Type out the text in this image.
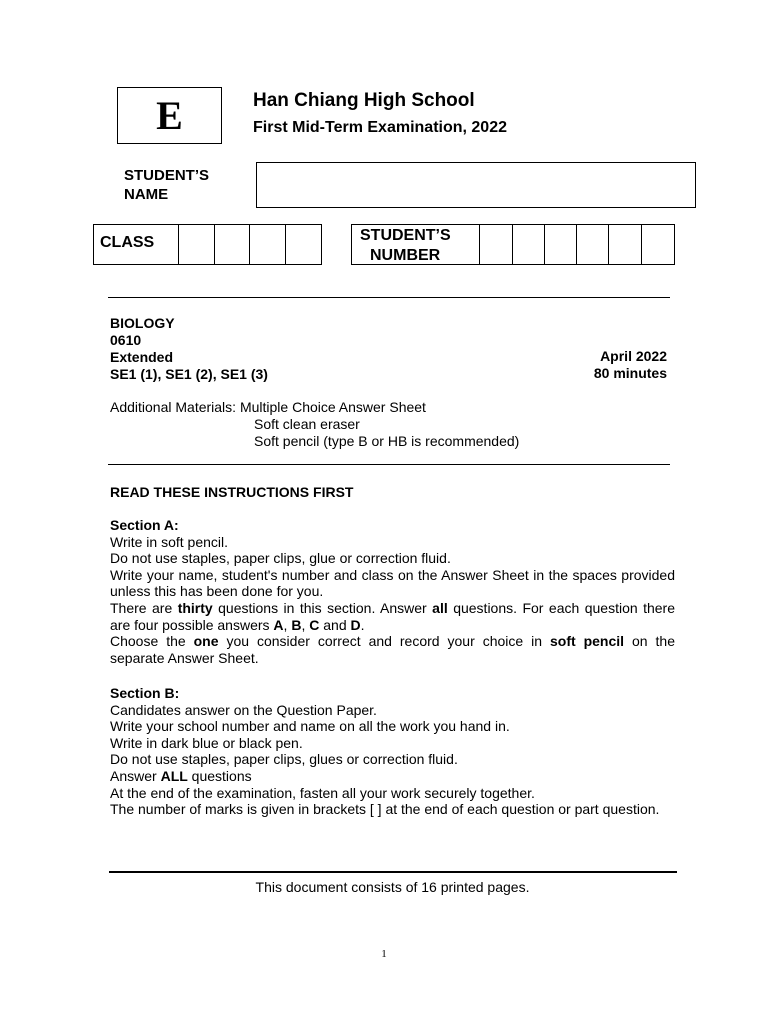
E	Han Chiang High School
First Mid-Term Examination, 2022
STUDENT’S
NAME
CLASS	STUDENT’S
NUMBER
BIOLOGY
0610
Extended
SE1 (1), SE1 (2), SE1 (3)
April 2022
80 minutes
Additional Materials: Multiple Choice Answer Sheet
Soft clean eraser
Soft pencil (type B or HB is recommended)
READ THESE INSTRUCTIONS FIRST

Section A:

Write in soft pencil.

Do not use staples, paper clips, glue or correction fluid.

Write your name, student's number and class on the Answer Sheet in the spaces provided unless this has been done for you.

There are thirty questions in this section. Answer all questions. For each question there are four possible answers A, B, C and D.

Choose the one you consider correct and record your choice in soft pencil on the separate Answer Sheet.

Section B:

Candidates answer on the Question Paper.

Write your school number and name on all the work you hand in.

Write in dark blue or black pen.

Do not use staples, paper clips, glues or correction fluid.

Answer ALL questions

At the end of the examination, fasten all your work securely together.

The number of marks is given in brackets [ ] at the end of each question or part question.

This document consists of 16 printed pages.
1
